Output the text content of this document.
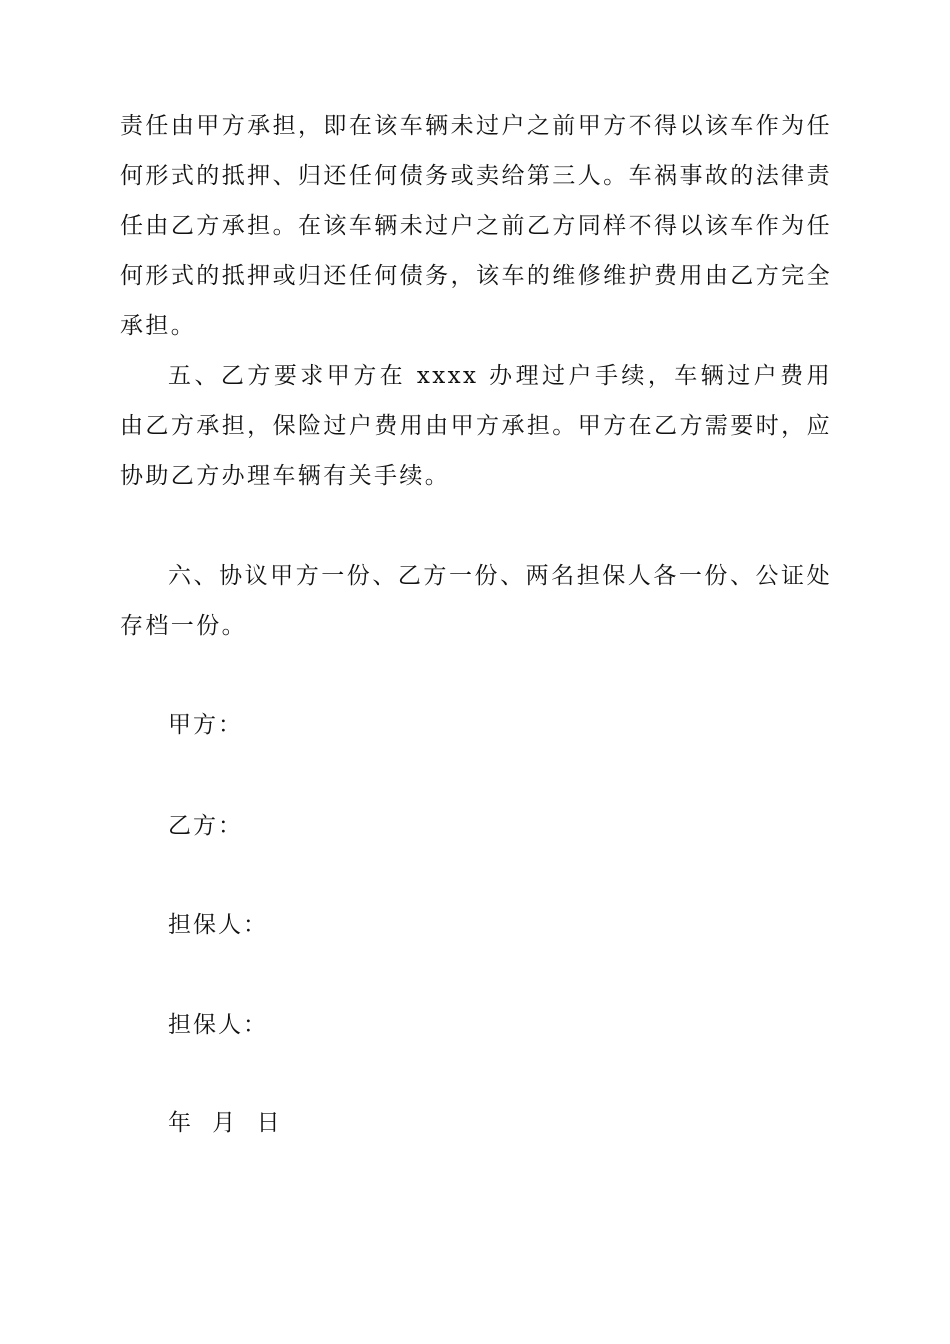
责任由甲方承担，即在该车辆未过户之前甲方不得以该车作为任何形式的抵押、归还任何债务或卖给第三人。车祸事故的法律责任由乙方承担。在该车辆未过户之前乙方同样不得以该车作为任何形式的抵押或归还任何债务，该车的维修维护费用由乙方完全承担。

五、乙方要求甲方在 xxxx 办理过户手续，车辆过户费用由乙方承担，保险过户费用由甲方承担。甲方在乙方需要时，应协助乙方办理车辆有关手续。

六、协议甲方一份、乙方一份、两名担保人各一份、公证处存档一份。

甲方：

乙方：

担保人：

担保人：

年 月 日
